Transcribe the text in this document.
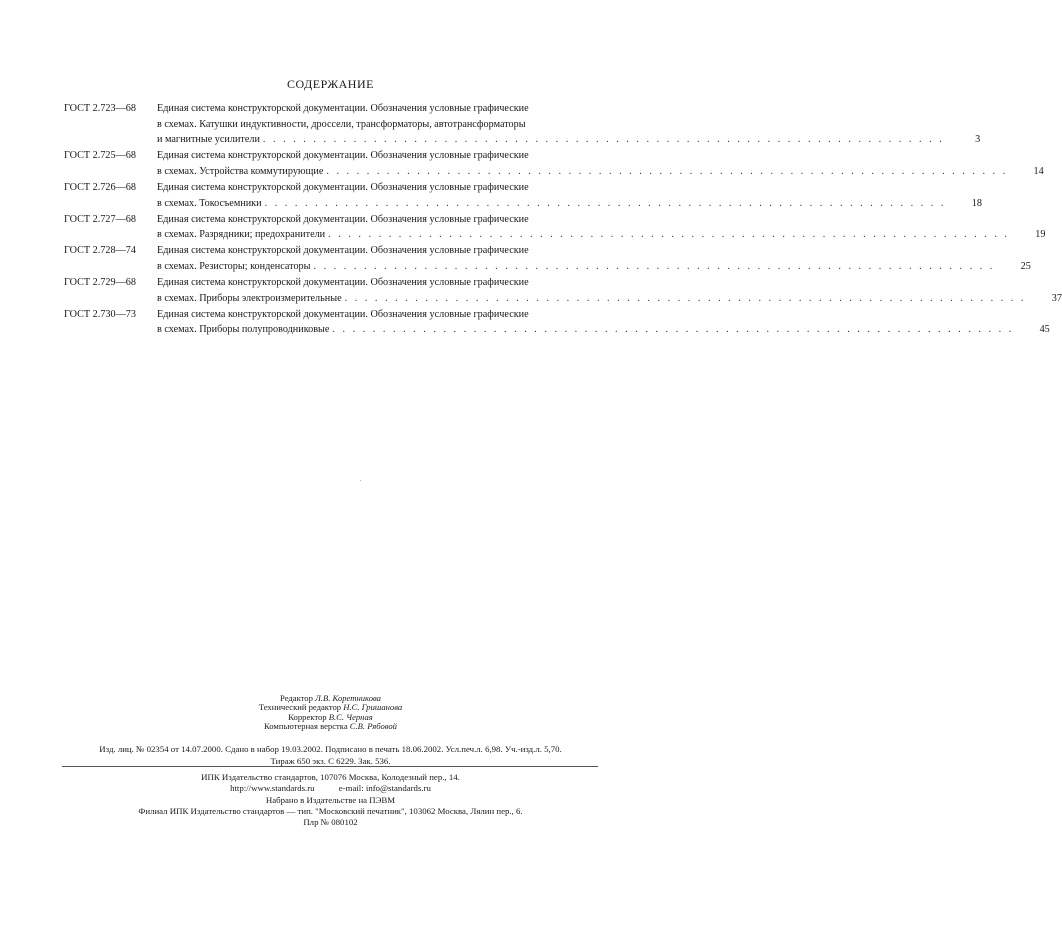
СОДЕРЖАНИЕ
ГОСТ 2.723—68	Единая система конструкторской документации. Обозначения условные графические
в схемах. Катушки индуктивности, дроссели, трансформаторы, автотрансформаторы
и магнитные усилители . . .	3
ГОСТ 2.725—68	Единая система конструкторской документации. Обозначения условные графические
в схемах. Устройства коммутирующие . . .	14
ГОСТ 2.726—68	Единая система конструкторской документации. Обозначения условные графические
в схемах. Токосъемники . . .	18
ГОСТ 2.727—68	Единая система конструкторской документации. Обозначения условные графические
в схемах. Разрядники; предохранители . . .	19
ГОСТ 2.728—74	Единая система конструкторской документации. Обозначения условные графические
в схемах. Резисторы; конденсаторы . . .	25
ГОСТ 2.729—68	Единая система конструкторской документации. Обозначения условные графические
в схемах. Приборы электроизмерительные . . .	37
ГОСТ 2.730—73	Единая система конструкторской документации. Обозначения условные графические
в схемах. Приборы полупроводниковые . . .	45
Редактор Л.В. Коретникова
Технический редактор Н.С. Гришанова
Корректор В.С. Черная
Компьютерная верстка С.В. Рябовой
Изд. лиц. № 02354 от 14.07.2000. Сдано в набор 19.03.2002. Подписано в печать 18.06.2002. Усл.печ.л. 6,98. Уч.-изд.л. 5,70.
Тираж 650 экз. С 6229. Зак. 536.
ИПК Издательство стандартов, 107076 Москва, Колодезный пер., 14.
http://www.standards.ru	e-mail: info@standards.ru
Набрано в Издательстве на ПЭВМ
Филиал ИПК Издательство стандартов — тип. "Московский печатник", 103062 Москва, Лялин пер., 6.
Плр № 080102
